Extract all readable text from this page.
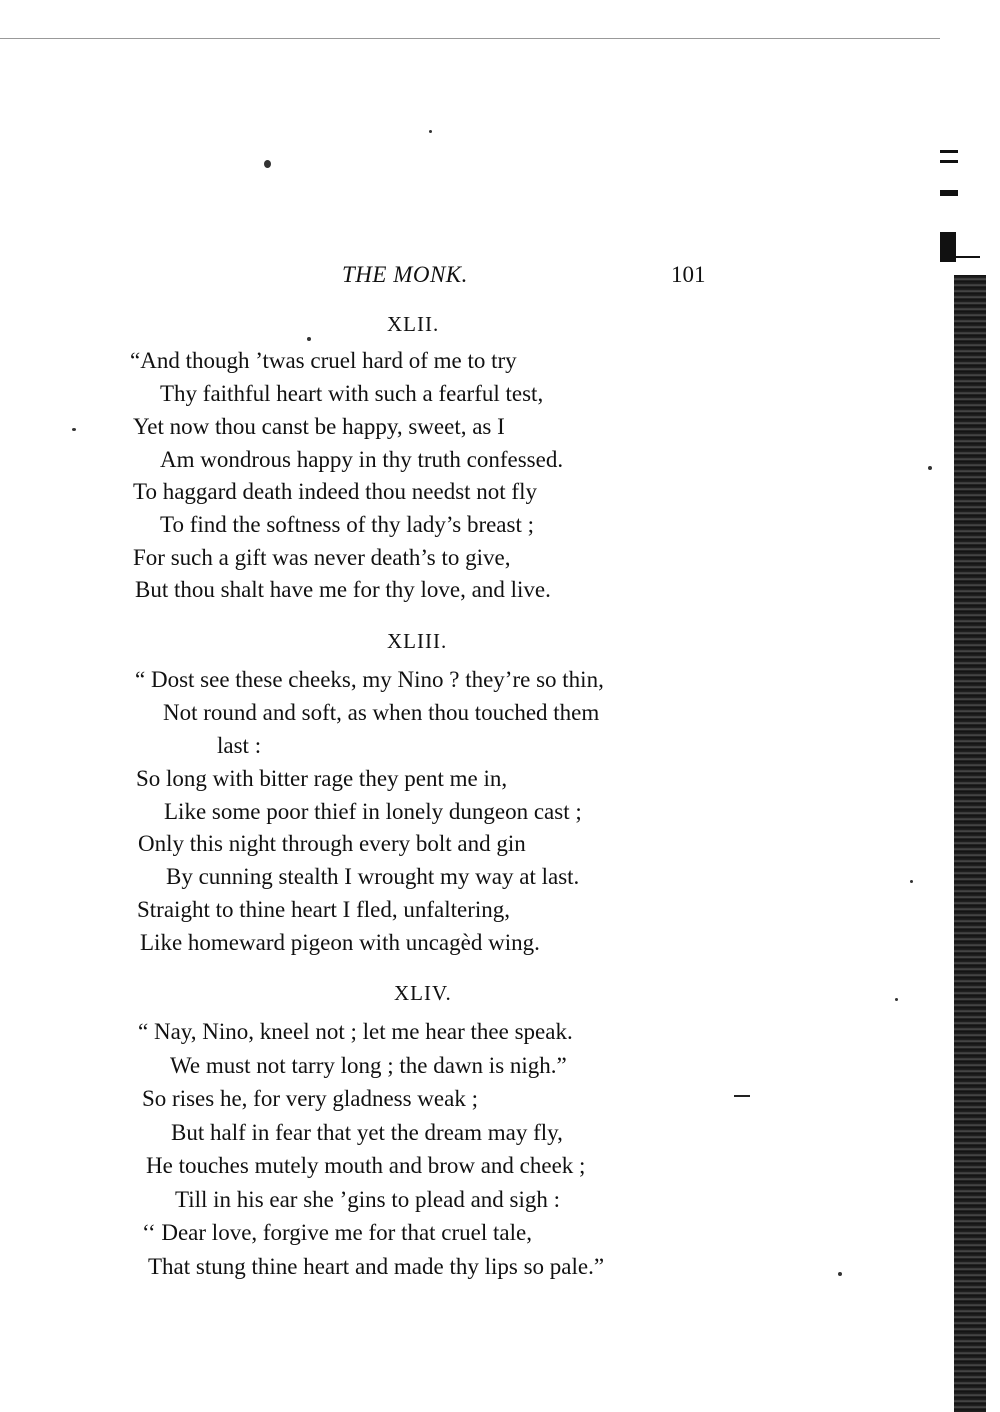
THE MONK.	101
XLII.
“And though ’twas cruel hard of me to try
Thy faithful heart with such a fearful test,
Yet now thou canst be happy, sweet, as I
Am wondrous happy in thy truth confessed.
To haggard death indeed thou needst not fly
To find the softness of thy lady’s breast ;
For such a gift was never death’s to give,
But thou shalt have me for thy love, and live.
XLIII.
“ Dost see these cheeks, my Nino ? they’re so thin,
Not round and soft, as when thou touched them
last :
So long with bitter rage they pent me in,
Like some poor thief in lonely dungeon cast ;
Only this night through every bolt and gin
By cunning stealth I wrought my way at last.
Straight to thine heart I fled, unfaltering,
Like homeward pigeon with uncagèd wing.
XLIV.
“ Nay, Nino, kneel not ; let me hear thee speak.
We must not tarry long ; the dawn is nigh.”
So rises he, for very gladness weak ;
But half in fear that yet the dream may fly,
He touches mutely mouth and brow and cheek ;
Till in his ear she ’gins to plead and sigh :
‘‘ Dear love, forgive me for that cruel tale,
That stung thine heart and made thy lips so pale.”
